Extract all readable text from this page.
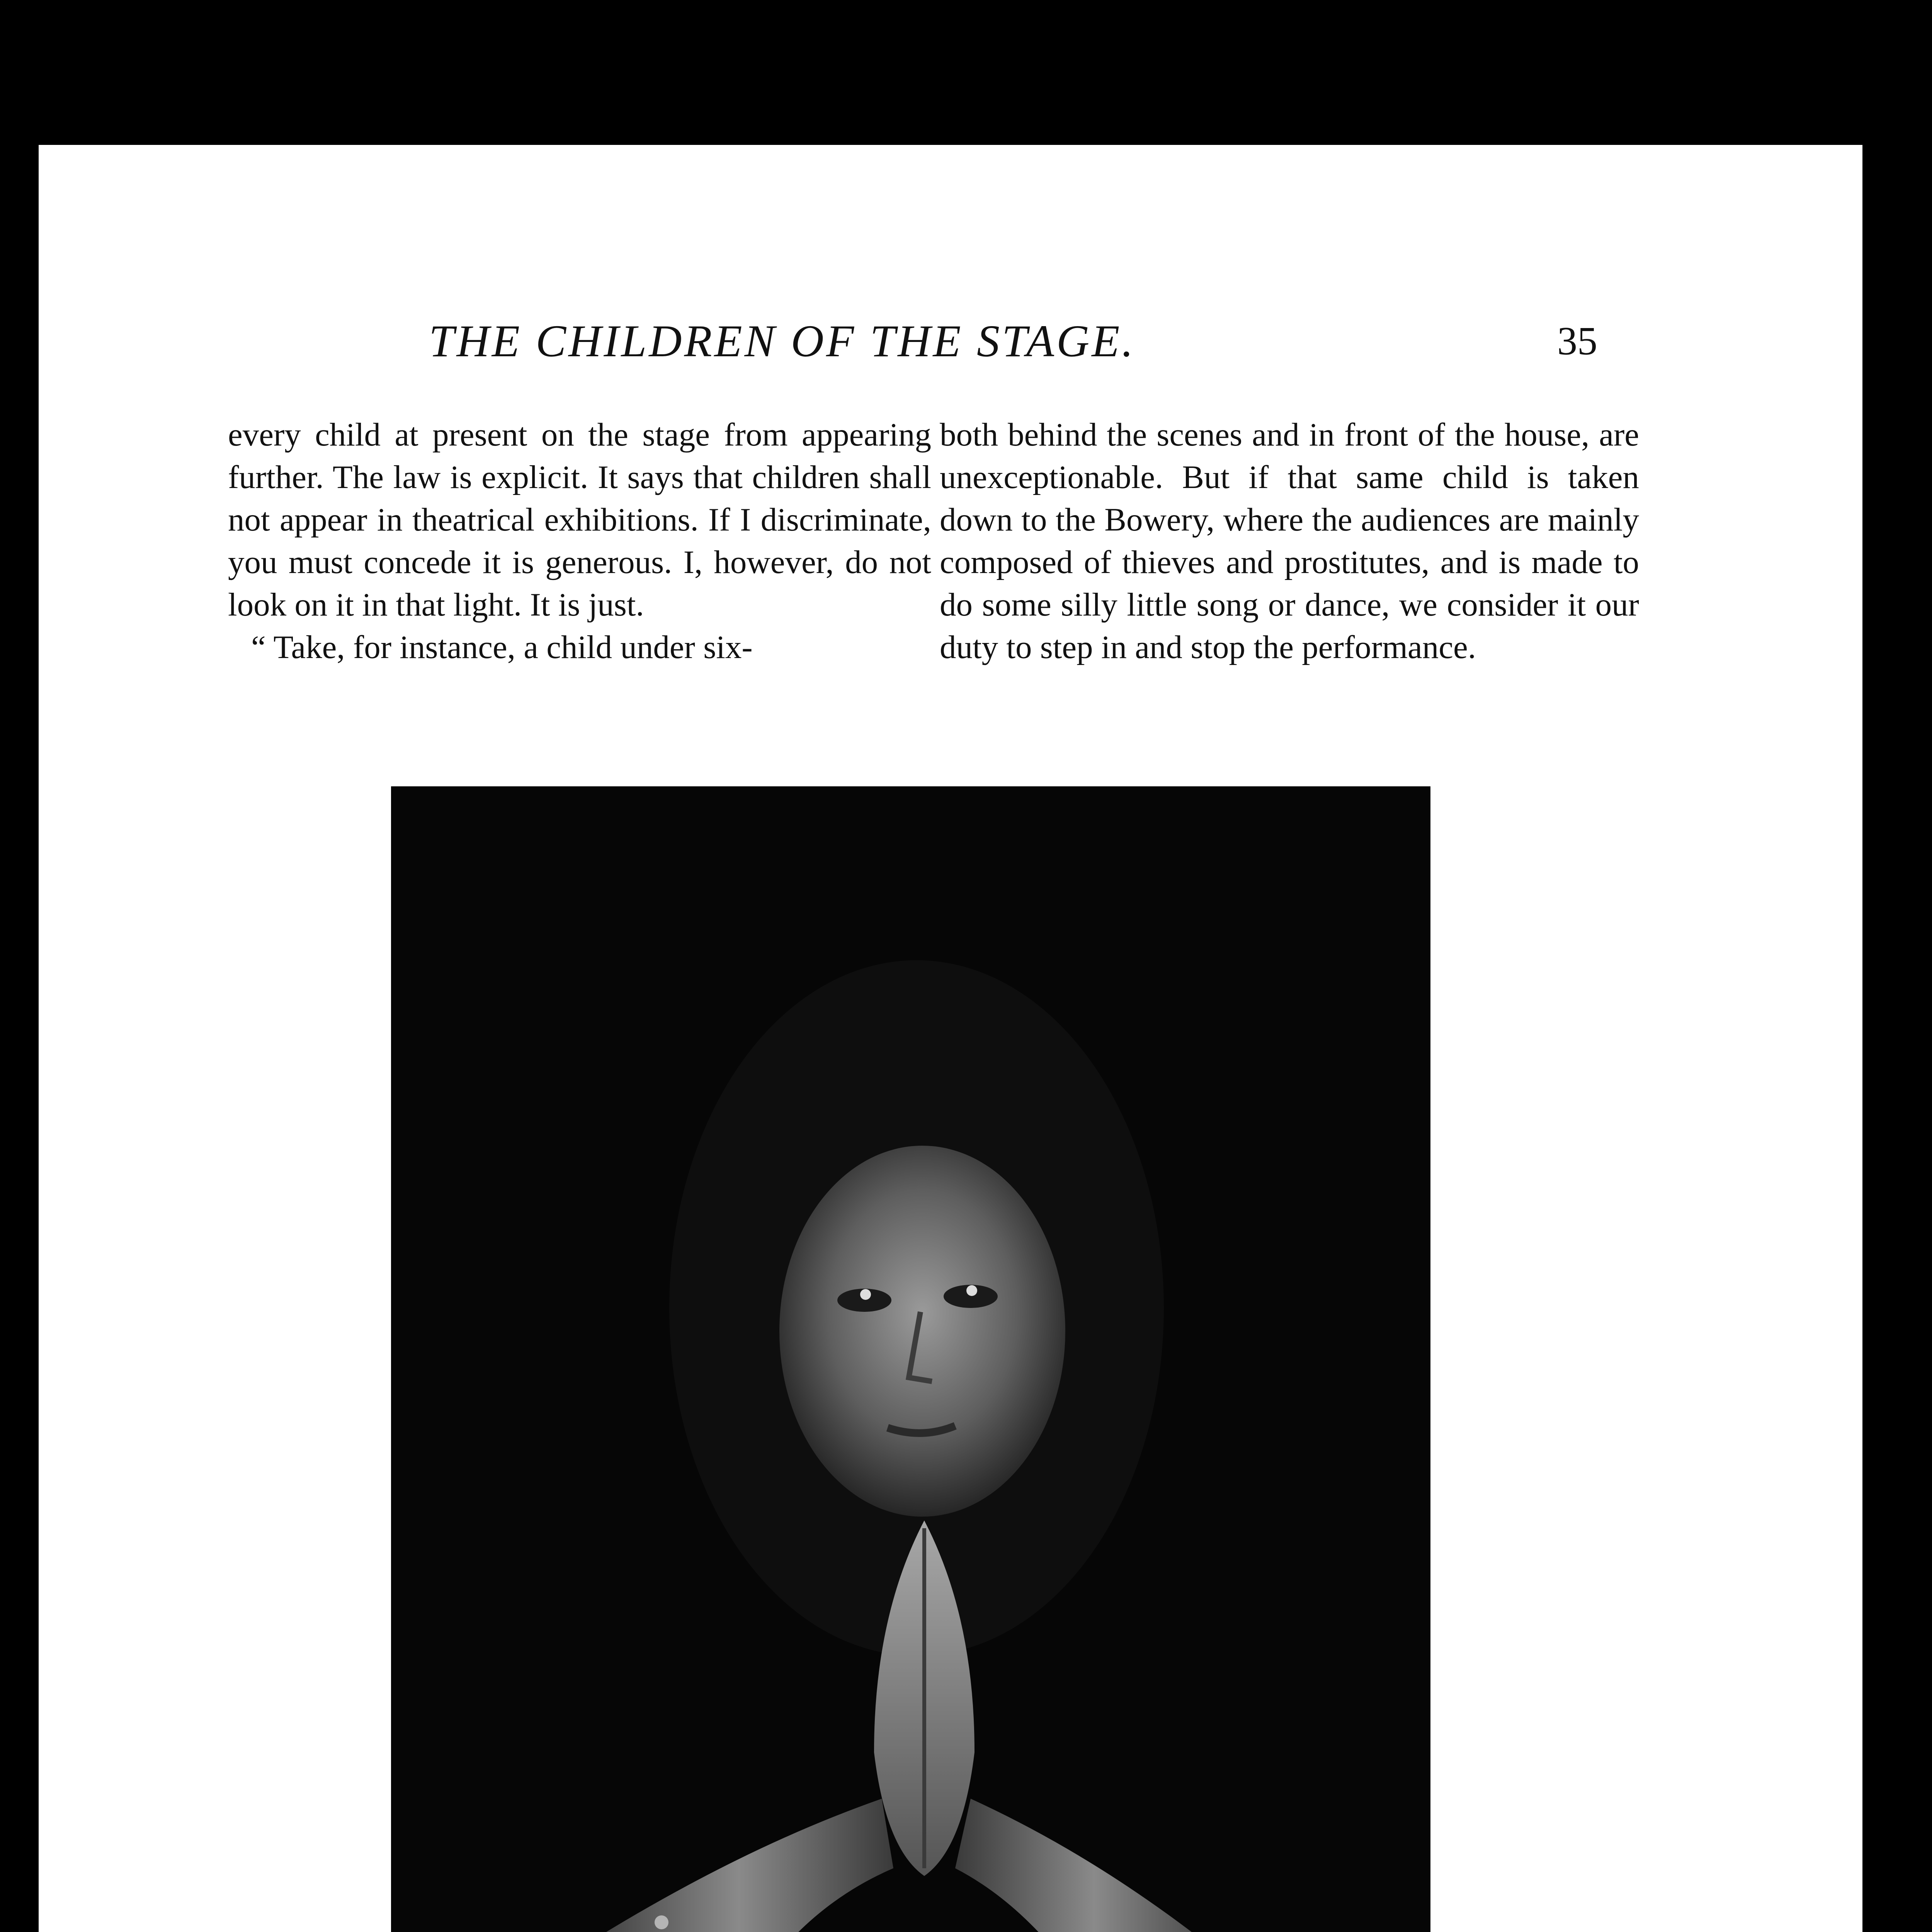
THE CHILDREN OF THE STAGE.	35

every child at present on the stage from appearing further. The law is explicit. It says that children shall not appear in theatrical exhibitions. If I discriminate, you must concede it is generous. I, however, do not look on it in that light. It is just.

“ Take, for instance, a child under six-

both behind the scenes and in front of the house, are unexceptionable. But if that same child is taken down to the Bowery, where the audiences are mainly composed of thieves and prostitutes, and is made to do some silly little song or dance, we consider it our duty to step in and stop the performance.
